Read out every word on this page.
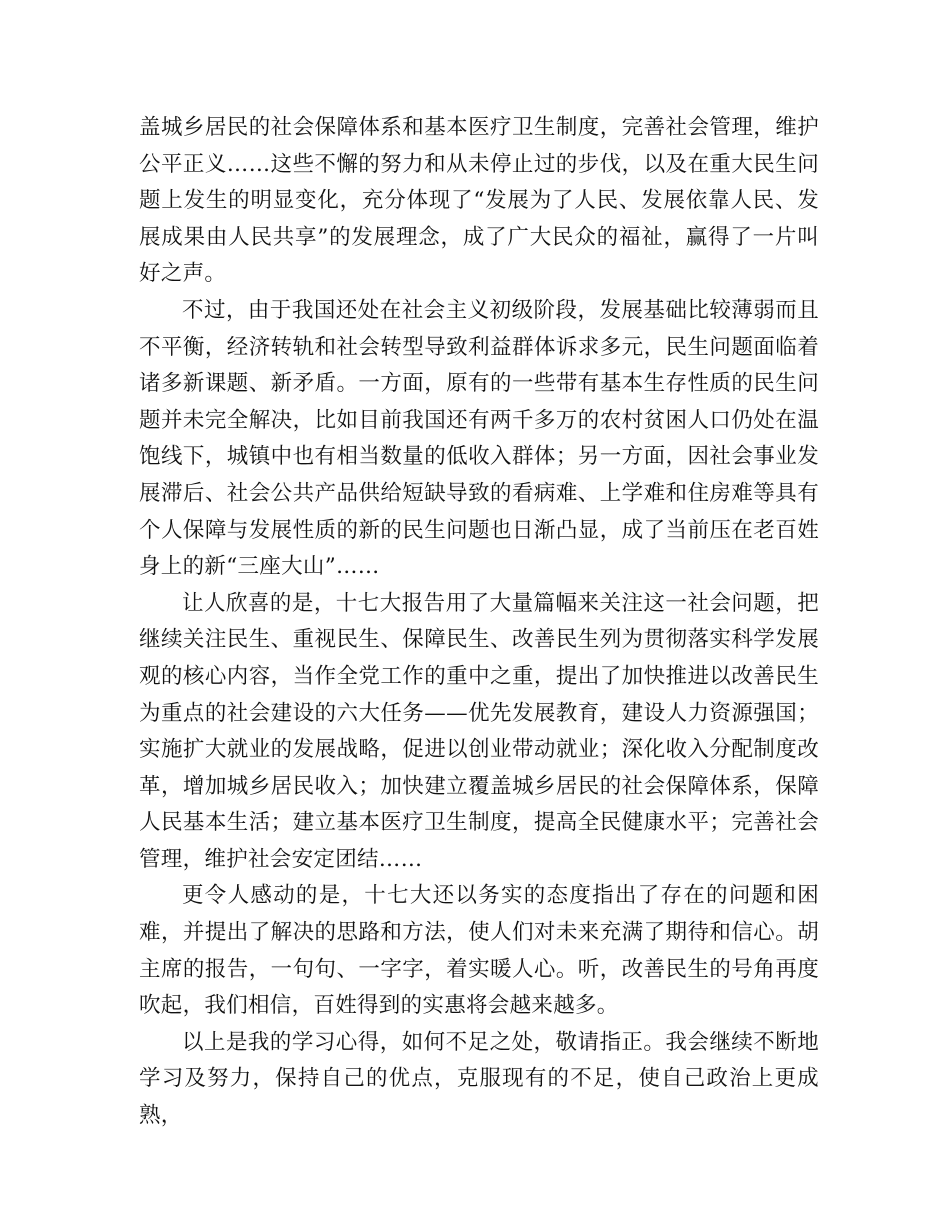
盖城乡居民的社会保障体系和基本医疗卫生制度，完善社会管理，维护公平正义……这些不懈的努力和从未停止过的步伐，以及在重大民生问题上发生的明显变化，充分体现了“发展为了人民、发展依靠人民、发展成果由人民共享”的发展理念，成了广大民众的福祉，赢得了一片叫好之声。

不过，由于我国还处在社会主义初级阶段，发展基础比较薄弱而且不平衡，经济转轨和社会转型导致利益群体诉求多元，民生问题面临着诸多新课题、新矛盾。一方面，原有的一些带有基本生存性质的民生问题并未完全解决，比如目前我国还有两千多万的农村贫困人口仍处在温饱线下，城镇中也有相当数量的低收入群体；另一方面，因社会事业发展滞后、社会公共产品供给短缺导致的看病难、上学难和住房难等具有个人保障与发展性质的新的民生问题也日渐凸显，成了当前压在老百姓身上的新“三座大山”……

让人欣喜的是，十七大报告用了大量篇幅来关注这一社会问题，把继续关注民生、重视民生、保障民生、改善民生列为贯彻落实科学发展观的核心内容，当作全党工作的重中之重，提出了加快推进以改善民生为重点的社会建设的六大任务——优先发展教育，建设人力资源强国；实施扩大就业的发展战略，促进以创业带动就业；深化收入分配制度改革，增加城乡居民收入；加快建立覆盖城乡居民的社会保障体系，保障人民基本生活；建立基本医疗卫生制度，提高全民健康水平；完善社会管理，维护社会安定团结……

更令人感动的是，十七大还以务实的态度指出了存在的问题和困难，并提出了解决的思路和方法，使人们对未来充满了期待和信心。胡主席的报告，一句句、一字字，着实暖人心。听，改善民生的号角再度吹起，我们相信，百姓得到的实惠将会越来越多。

以上是我的学习心得，如何不足之处，敬请指正。我会继续不断地学习及努力，保持自己的优点，克服现有的不足，使自己政治上更成熟，
